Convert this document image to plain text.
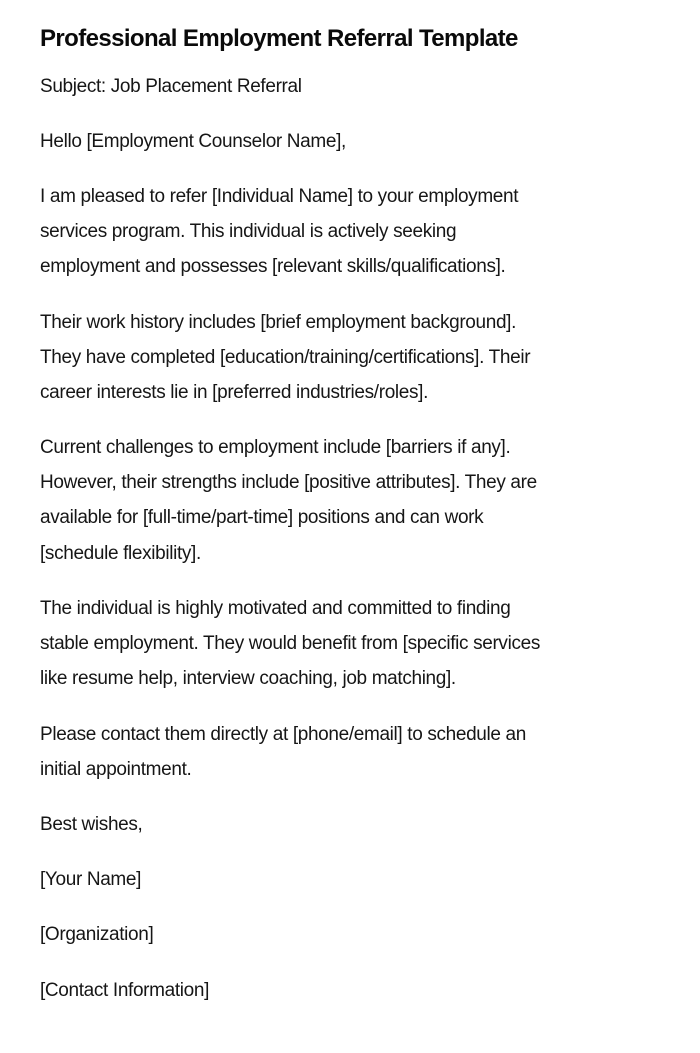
Professional Employment Referral Template

Subject: Job Placement Referral

Hello [Employment Counselor Name],

I am pleased to refer [Individual Name] to your employment
services program. This individual is actively seeking
employment and possesses [relevant skills/qualifications].

Their work history includes [brief employment background].
They have completed [education/training/certifications]. Their
career interests lie in [preferred industries/roles].

Current challenges to employment include [barriers if any].
However, their strengths include [positive attributes]. They are
available for [full-time/part-time] positions and can work
[schedule flexibility].

The individual is highly motivated and committed to finding
stable employment. They would benefit from [specific services
like resume help, interview coaching, job matching].

Please contact them directly at [phone/email] to schedule an
initial appointment.

Best wishes,

[Your Name]

[Organization]

[Contact Information]
